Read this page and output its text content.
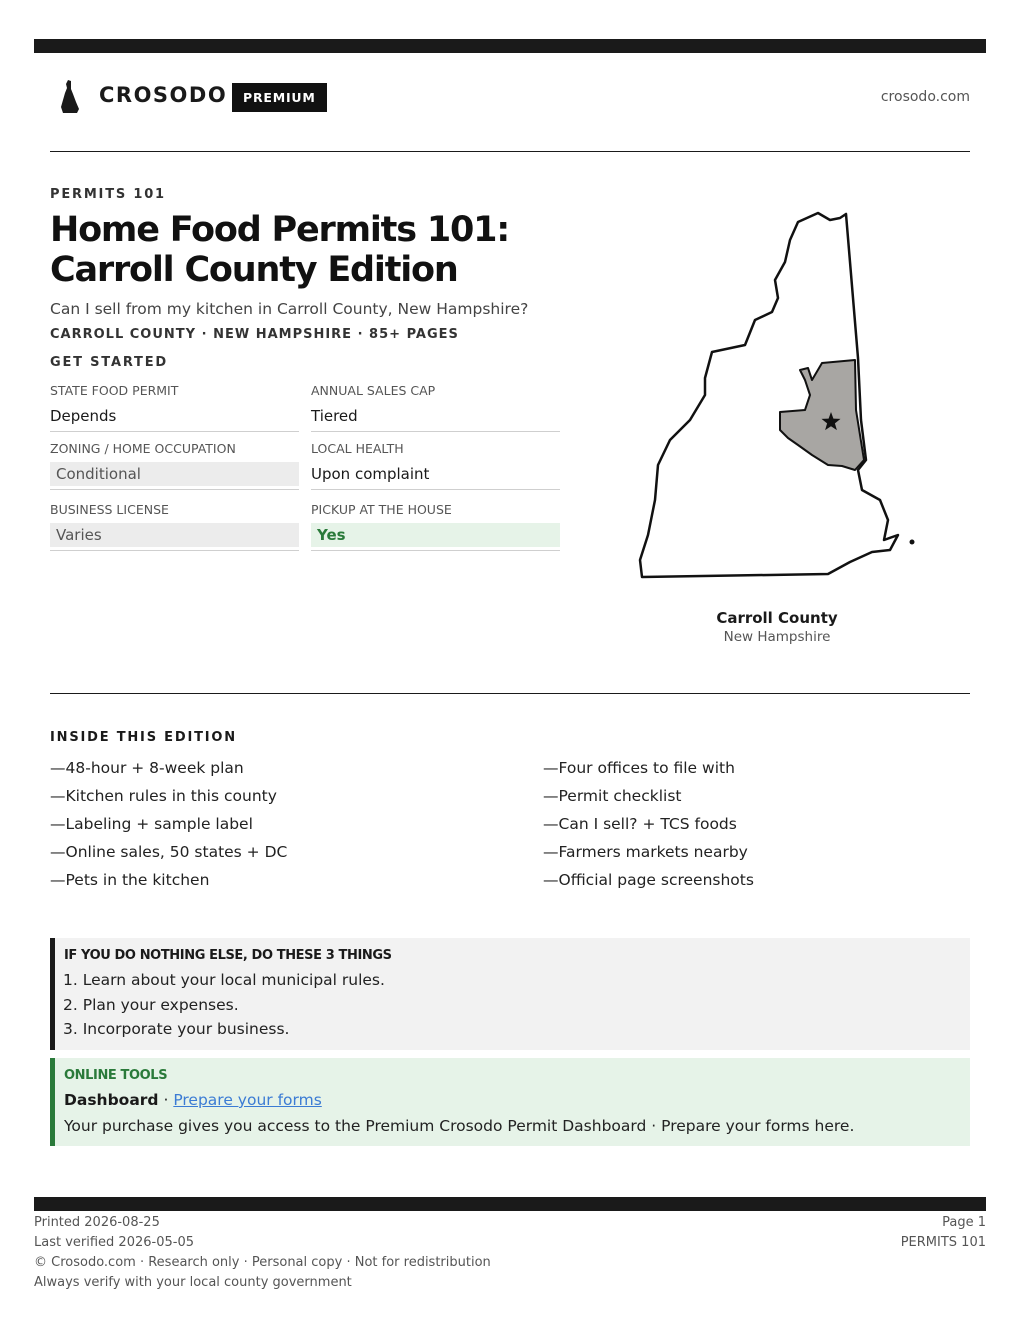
CROSODO	PREMIUM	crosodo.com
PERMITS 101
Home Food Permits 101: Carroll County Edition
Can I sell from my kitchen in Carroll County, New Hampshire?
CARROLL COUNTY · NEW HAMPSHIRE · 85+ PAGES
GET STARTED
STATE FOOD PERMIT
Depends
ANNUAL SALES CAP
Tiered
ZONING / HOME OCCUPATION
Conditional
LOCAL HEALTH
Upon complaint
BUSINESS LICENSE
Varies
PICKUP AT THE HOUSE
Yes
Carroll County
New Hampshire
INSIDE THIS EDITION
—48-hour + 8-week plan
—Kitchen rules in this county
—Labeling + sample label
—Online sales, 50 states + DC
—Pets in the kitchen
—Four offices to file with
—Permit checklist
—Can I sell? + TCS foods
—Farmers markets nearby
—Official page screenshots
IF YOU DO NOTHING ELSE, DO THESE 3 THINGS
1. Learn about your local municipal rules.
2. Plan your expenses.
3. Incorporate your business.
ONLINE TOOLS
Dashboard · Prepare your forms
Your purchase gives you access to the Premium Crosodo Permit Dashboard · Prepare your forms here.
Printed 2026-08-25
Last verified 2026-05-05
© Crosodo.com · Research only · Personal copy · Not for redistribution
Always verify with your local county government
Page 1
PERMITS 101
